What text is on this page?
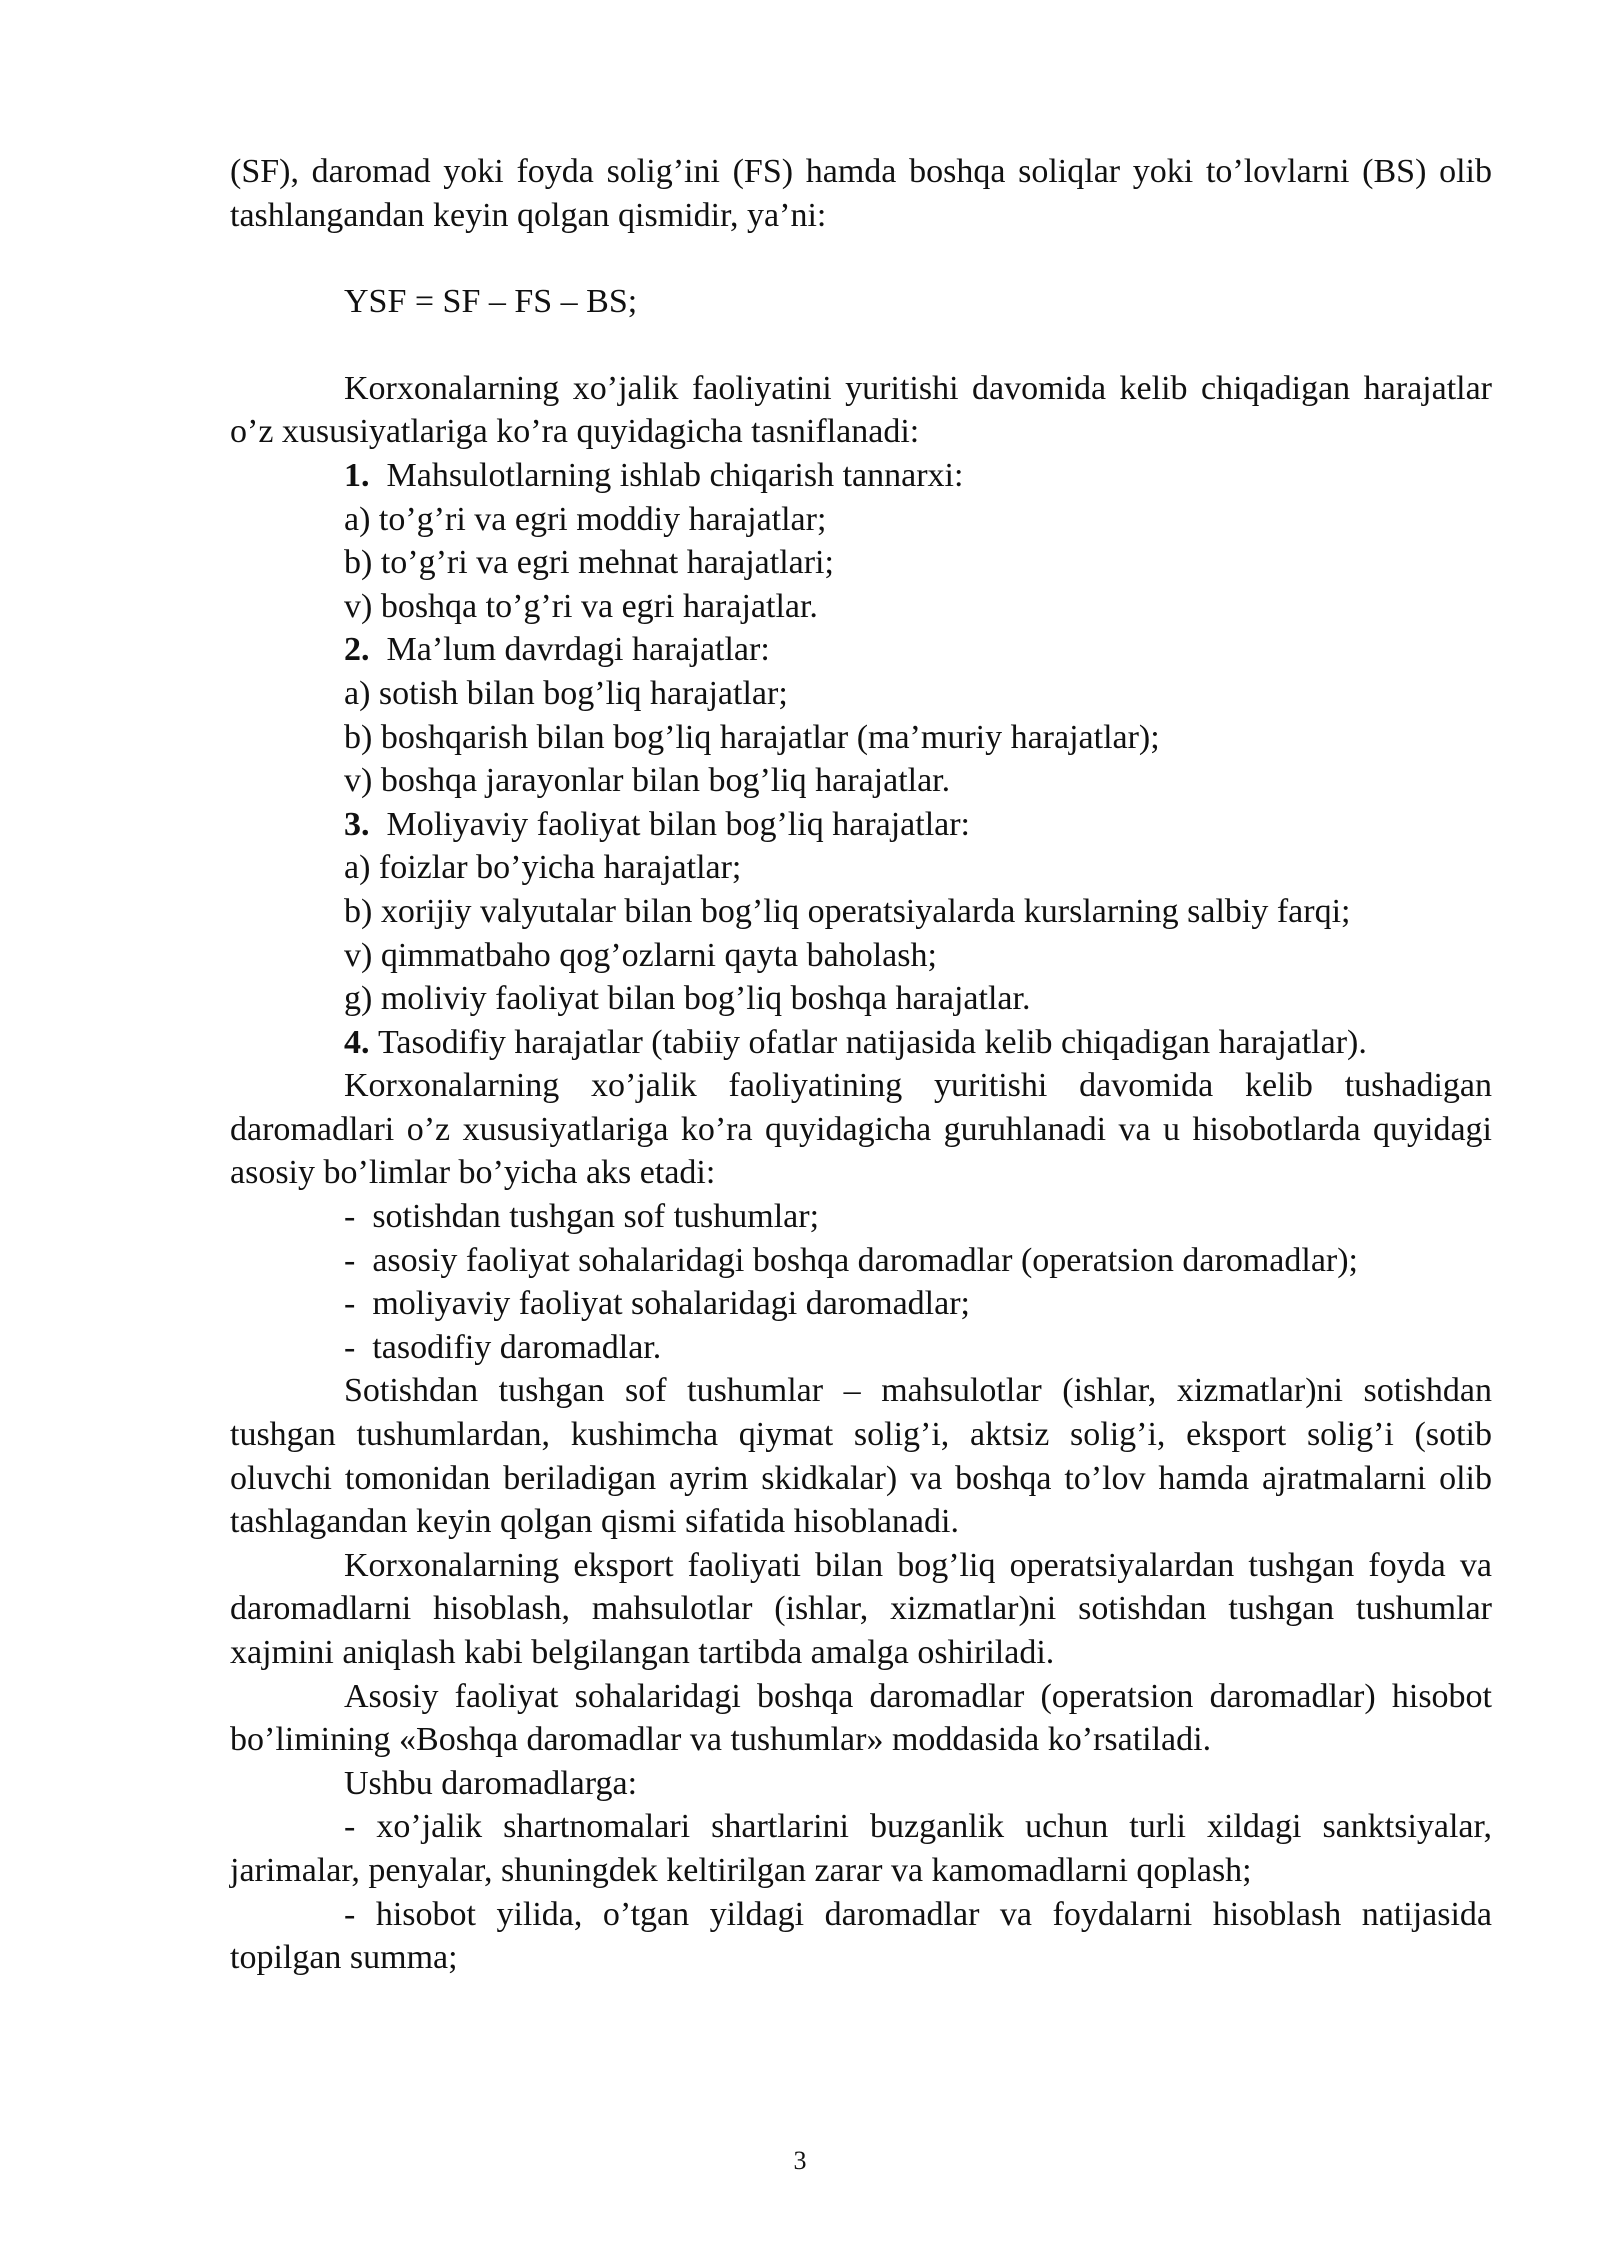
(SF), daromad yoki foyda solig’ini (FS) hamda boshqa soliqlar yoki to’lovlarni (BS) olib tashlangandan keyin qolgan qismidir, ya’ni:

YSF = SF – FS – BS;

Korxonalarning xo’jalik faoliyatini yuritishi davomida kelib chiqadigan harajatlar o’z xususiyatlariga ko’ra quyidagicha tasniflanadi:

1. Mahsulotlarning ishlab chiqarish tannarxi:

a) to’g’ri va egri moddiy harajatlar;

b) to’g’ri va egri mehnat harajatlari;

v) boshqa to’g’ri va egri harajatlar.

2. Ma’lum davrdagi harajatlar:

a) sotish bilan bog’liq harajatlar;

b) boshqarish bilan bog’liq harajatlar (ma’muriy harajatlar);

v) boshqa jarayonlar bilan bog’liq harajatlar.

3. Moliyaviy faoliyat bilan bog’liq harajatlar:

a) foizlar bo’yicha harajatlar;

b) xorijiy valyutalar bilan bog’liq operatsiyalarda kurslarning salbiy farqi;

v) qimmatbaho qog’ozlarni qayta baholash;

g) moliviy faoliyat bilan bog’liq boshqa harajatlar.

4. Tasodifiy harajatlar (tabiiy ofatlar natijasida kelib chiqadigan harajatlar).

Korxonalarning xo’jalik faoliyatining yuritishi davomida kelib tushadigan daromadlari o’z xususiyatlariga ko’ra quyidagicha guruhlanadi va u hisobotlarda quyidagi asosiy bo’limlar bo’yicha aks etadi:

-  sotishdan tushgan sof tushumlar;

-  asosiy faoliyat sohalaridagi boshqa daromadlar (operatsion daromadlar);

-  moliyaviy faoliyat sohalaridagi daromadlar;

-  tasodifiy daromadlar.

Sotishdan tushgan sof tushumlar – mahsulotlar (ishlar, xizmatlar)ni sotishdan tushgan tushumlardan, kushimcha qiymat solig’i, aktsiz solig’i, eksport solig’i (sotib oluvchi tomonidan beriladigan ayrim skidkalar) va boshqa to’lov hamda ajratmalarni olib tashlagandan keyin qolgan qismi sifatida hisoblanadi.

Korxonalarning eksport faoliyati bilan bog’liq operatsiyalardan tushgan foyda va daromadlarni hisoblash, mahsulotlar (ishlar, xizmatlar)ni sotishdan tushgan tushumlar xajmini aniqlash kabi belgilangan tartibda amalga oshiriladi.

Asosiy faoliyat sohalaridagi boshqa daromadlar (operatsion daromadlar) hisobot bo’limining «Boshqa daromadlar va tushumlar» moddasida ko’rsatiladi.

Ushbu daromadlarga:

- xo’jalik shartnomalari shartlarini buzganlik uchun turli xildagi sanktsiyalar, jarimalar, penyalar, shuningdek keltirilgan zarar va kamomadlarni qoplash;

- hisobot yilida, o’tgan yildagi daromadlar va foydalarni hisoblash natijasida topilgan summa;

3
